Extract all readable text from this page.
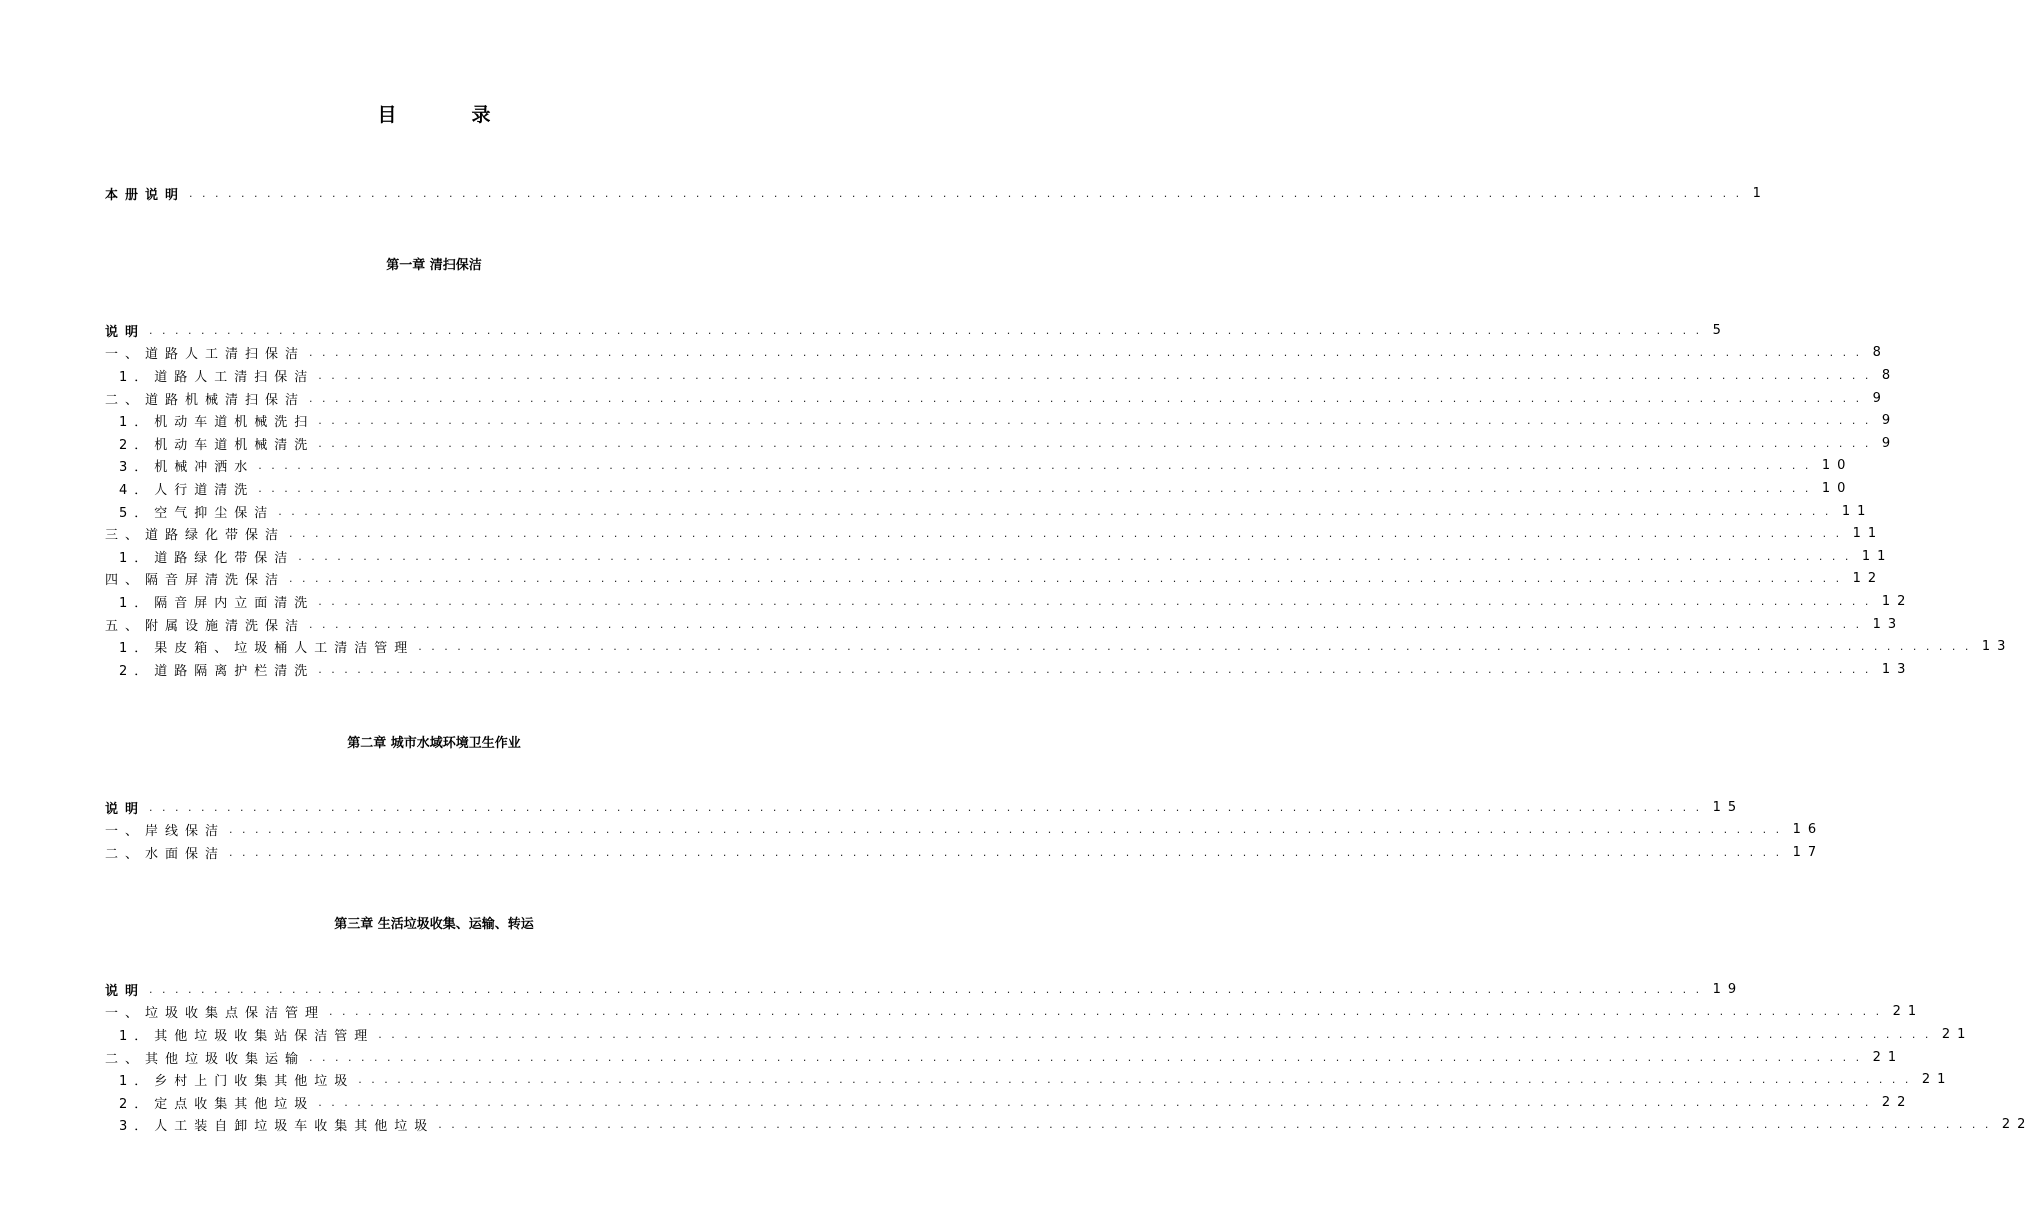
目　录
本册说明 ........................................................................................................................ 1
第一章 清扫保洁
说明 ........................................................................................................................ 5
一、道路人工清扫保洁 ........................................................................................................................ 8
1．道路人工清扫保洁 ........................................................................................................................ 8
二、道路机械清扫保洁 ........................................................................................................................ 9
1．机动车道机械洗扫 ........................................................................................................................ 9
2．机动车道机械清洗 ........................................................................................................................ 9
3．机械冲洒水 ........................................................................................................................ 10
4．人行道清洗 ........................................................................................................................ 10
5．空气抑尘保洁 ........................................................................................................................ 11
三、道路绿化带保洁 ........................................................................................................................ 11
1．道路绿化带保洁 ........................................................................................................................ 11
四、隔音屏清洗保洁 ........................................................................................................................ 12
1．隔音屏内立面清洗 ........................................................................................................................ 12
五、附属设施清洗保洁 ........................................................................................................................ 13
1．果皮箱、垃圾桶人工清洁管理 ........................................................................................................................ 13
2．道路隔离护栏清洗 ........................................................................................................................ 13
第二章 城市水域环境卫生作业
说明 ........................................................................................................................ 15
一、岸线保洁 ........................................................................................................................ 16
二、水面保洁 ........................................................................................................................ 17
第三章 生活垃圾收集、运输、转运
说明 ........................................................................................................................ 19
一、垃圾收集点保洁管理 ........................................................................................................................ 21
1．其他垃圾收集站保洁管理 ........................................................................................................................ 21
二、其他垃圾收集运输 ........................................................................................................................ 21
1．乡村上门收集其他垃圾 ........................................................................................................................ 21
2．定点收集其他垃圾 ........................................................................................................................ 22
3．人工装自卸垃圾车收集其他垃圾 ........................................................................................................................ 22
